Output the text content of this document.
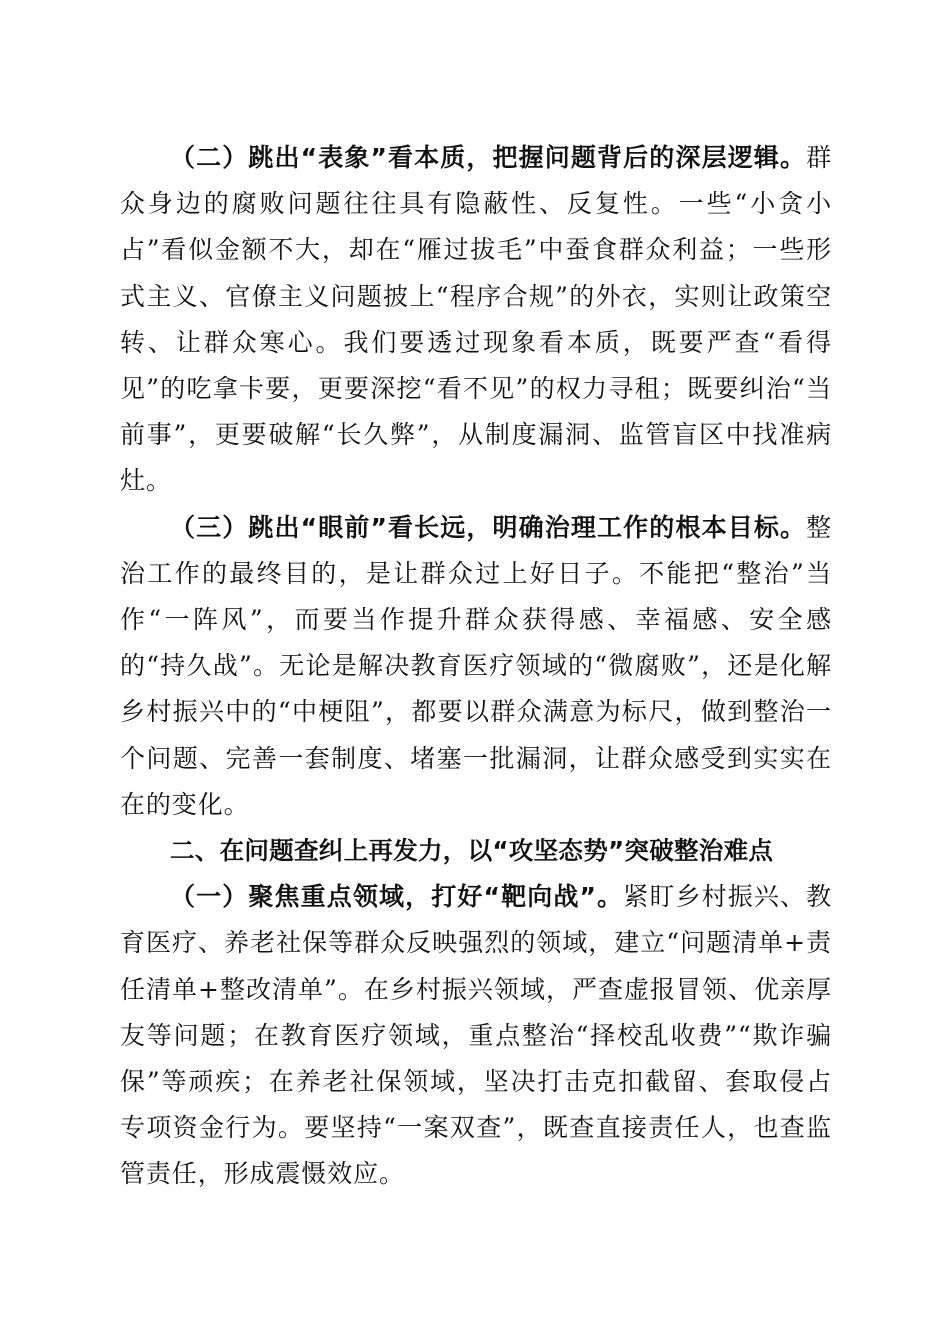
（二）跳出“表象”看本质，把握问题背后的深层逻辑。群众身边的腐败问题往往具有隐蔽性、反复性。一些“小贪小占”看似金额不大，却在“雁过拔毛”中蚕食群众利益；一些形式主义、官僚主义问题披上“程序合规”的外衣，实则让政策空转、让群众寒心。我们要透过现象看本质，既要严查“看得见”的吃拿卡要，更要深挖“看不见”的权力寻租；既要纠治“当前事”，更要破解“长久弊”，从制度漏洞、监管盲区中找准病灶。

（三）跳出“眼前”看长远，明确治理工作的根本目标。整治工作的最终目的，是让群众过上好日子。不能把“整治”当作“一阵风”，而要当作提升群众获得感、幸福感、安全感的“持久战”。无论是解决教育医疗领域的“微腐败”，还是化解乡村振兴中的“中梗阻”，都要以群众满意为标尺，做到整治一个问题、完善一套制度、堵塞一批漏洞，让群众感受到实实在在的变化。

二、在问题查纠上再发力，以“攻坚态势”突破整治难点

（一）聚焦重点领域，打好“靶向战”。紧盯乡村振兴、教育医疗、养老社保等群众反映强烈的领域，建立“问题清单+责任清单+整改清单”。在乡村振兴领域，严查虚报冒领、优亲厚友等问题；在教育医疗领域，重点整治“择校乱收费”“欺诈骗保”等顽疾；在养老社保领域，坚决打击克扣截留、套取侵占专项资金行为。要坚持“一案双查”，既查直接责任人，也查监管责任，形成震慑效应。
